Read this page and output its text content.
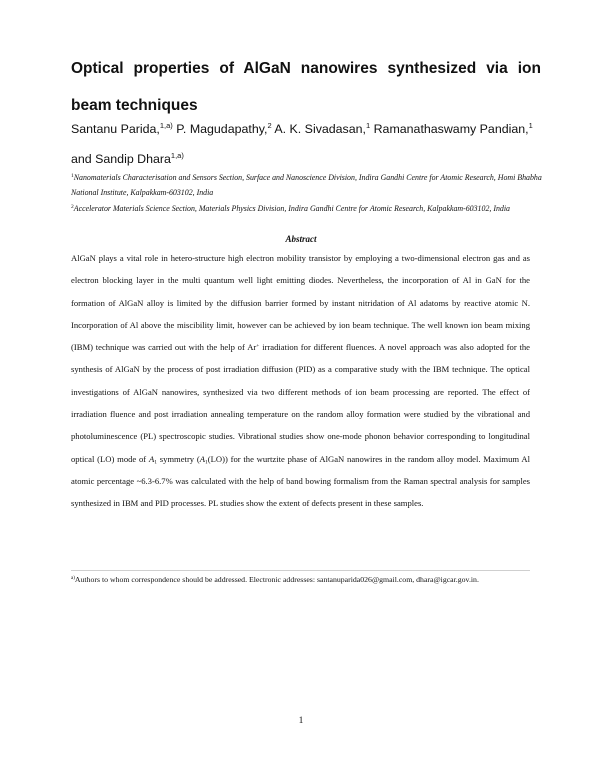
Optical properties of AlGaN nanowires synthesized via ion beam techniques

Santanu Parida,$^{1,a)}$ P. Magudapathy,$^2$ A. K. Sivadasan,$^1$ Ramanathaswamy Pandian,$^1$ and Sandip Dhara$^{1,a)}$

$^1$Nanomaterials Characterisation and Sensors Section, Surface and Nanoscience Division, Indira Gandhi Centre for Atomic Research, Homi Bhabha National Institute, Kalpakkam-603102, India

$^2$Accelerator Materials Science Section, Materials Physics Division, Indira Gandhi Centre for Atomic Research, Kalpakkam-603102, India

Abstract

AlGaN plays a vital role in hetero-structure high electron mobility transistor by employing a two-dimensional electron gas and as electron blocking layer in the multi quantum well light emitting diodes. Nevertheless, the incorporation of Al in GaN for the formation of AlGaN alloy is limited by the diffusion barrier formed by instant nitridation of Al adatoms by reactive atomic N. Incorporation of Al above the miscibility limit, however can be achieved by ion beam technique. The well known ion beam mixing (IBM) technique was carried out with the help of Ar+ irradiation for different fluences. A novel approach was also adopted for the synthesis of AlGaN by the process of post irradiation diffusion (PID) as a comparative study with the IBM technique. The optical investigations of AlGaN nanowires, synthesized via two different methods of ion beam processing are reported. The effect of irradiation fluence and post irradiation annealing temperature on the random alloy formation were studied by the vibrational and photoluminescence (PL) spectroscopic studies. Vibrational studies show one-mode phonon behavior corresponding to longitudinal optical (LO) mode of $A_1$ symmetry $(A_1(LO))$ for the wurtzite phase of AlGaN nanowires in the random alloy model. Maximum Al atomic percentage ~6.3-6.7% was calculated with the help of band bowing formalism from the Raman spectral analysis for samples synthesized in IBM and PID processes. PL studies show the extent of defects present in these samples.

$^{a)}$Authors to whom correspondence should be addressed. Electronic addresses: santanuparida026@gmail.com, dhara@igcar.gov.in.

1
